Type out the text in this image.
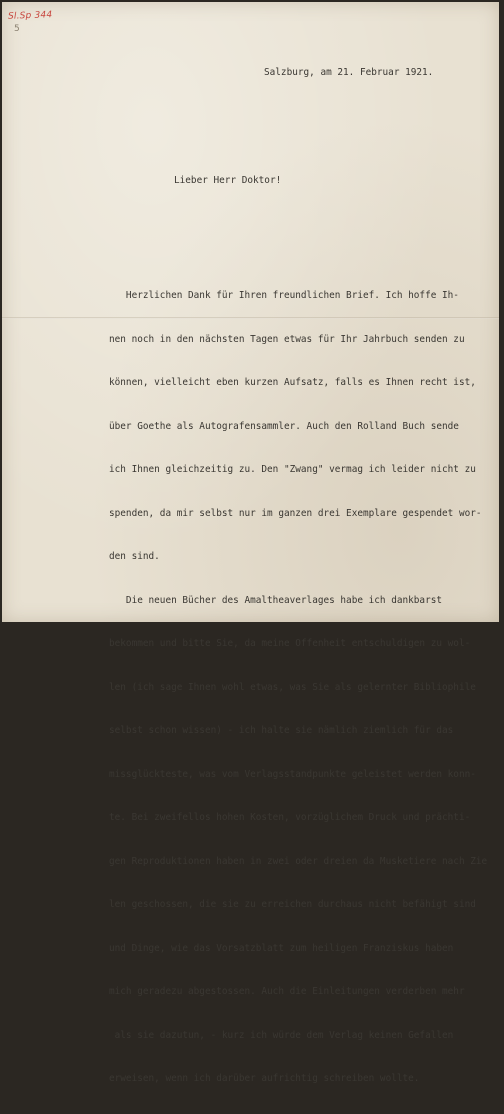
Sl.Sp 344
5
Salzburg, am 21. Februar 1921.
Lieber Herr Doktor!

Herzlichen Dank für Ihren freundlichen Brief. Ich hoffe Ih-

nen noch in den nächsten Tagen etwas für Ihr Jahrbuch senden zu

können, vielleicht eben kurzen Aufsatz, falls es Ihnen recht ist,

über Goethe als Autografensammler. Auch den Rolland Buch sende

ich Ihnen gleichzeitig zu. Den "Zwang" vermag ich leider nicht zu

spenden, da mir selbst nur im ganzen drei Exemplare gespendet wor-

den sind.

Die neuen Bücher des Amaltheaverlages habe ich dankbarst

bekommen und bitte Sie, da meine Offenheit entschuldigen zu wol-

len (ich sage Ihnen wohl etwas, was Sie als gelernter Bibliophile

selbst schon wissen) - ich halte sie nämlich ziemlich für das

missglückteste, was vom Verlagsstandpunkte geleistet werden konn-

te. Bei zweifellos hohen Kosten, vorzüglichem Druck und prächti-

gen Reproduktionen haben in zwei oder dreien da Musketiere nach Zie

len geschossen, die sie zu erreichen durchaus nicht befähigt sind

und Dinge, wie das Vorsatzblatt zum heiligen Franziskus haben

mich geradezu abgestossen. Auch die Einleitungen verderben mehr

als sie dazutun, - kurz ich würde dem Verlag keinen Gefallen

erweisen, wenn ich darüber aufrichtig schreiben wollte.
